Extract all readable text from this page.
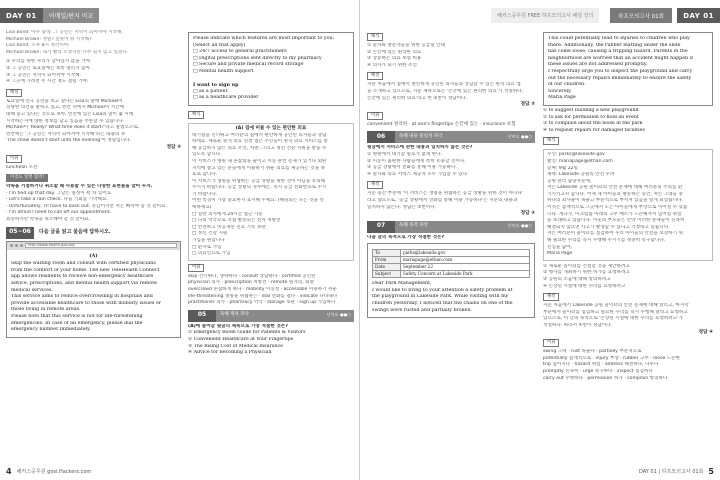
DAY 01	이메일/편지 비교
Lisa Bond: 아주 좋네. 그 공연은 저녁이 되어서야 시작해.
Michael Brown: 정말? 잘못이 뭐 시작해?
Lisa Bond: 오후 8시 정각이야.
Michael Brown: 내가 빨리 오겠지만 너무 길지 않고 있겠다.
① 우리를 위한 자리가 남아있지 않을 거야.
② 그 공연은 토요일에는 보통 열리지 않아.
③ 그 공연은 저녁이 되어서야 시작해.
④ 그곳에 가려면 두 시간 정도 걸릴 거야.
해설
토요일에 연극 공연을 보고 싶다는 Lisa의 말에 Michael이
상당한 의견을 말하고 있고, 빈칸 뒤에서 Michael이 시간에
대해 묻고 있다는 것으로 보아, 빈칸에 있는 Lisa의 말이 몇 시에
시작하는지에 대한 정보를 담고 있음을 추론할 수 있습니다.
Michael이 'Really? What time does it start?'라고 말했으므로,
빈칸에는 '그 공연은 저녁이 되어서야 시작해'라는 내용의 ③
'The show doesn't start until the evening'이 정답입니다.
정답 ③
어휘
luncheon 오찬
이것도 알면 합격!
약속을 거절하거나 취소할 때 사용할 수 있는 다양한 표현들을 알아 두자.
· I'm tied up that day. 그날은 일정이 꽉 차 있어요.
· Let's take a rain check. 다음 기회를 기약해요.
· Unfortunately, I'll have to back out. 유감이지만 저는 빠져야 할 것 같아요.
· I'm afraid I need to call off our appointment.
죄송하지만 약속을 취소해야 할 것 같아요.
05~06	다음 글을 읽고 물음에 답하시오.
http://www.health.gov.org
(A)
Skip the waiting room and consult with certified physicians
from the comfort of your home. The new TeleHealth Connect
app allows residents to receive non-emergency healthcare
advice, prescriptions, and mental health support via remote
medical services.
This service aims to reduce overcrowding in hospitals and
provide accessible healthcare to those with mobility issues or
those living in remote areas.
Please note that this service is not for life-threatening
emergencies. In case of an emergency, please dial the
emergency number immediately.
Please indicate which features are most important to you:
(Select all that apply)
□ 24/7 access to general practitioners
□ Digital prescriptions sent directly to my pharmacy
□ Secure and private medical record storage
□ Mental health support

I want to sign up
□ as a patient
□ as a healthcare provider
해석
(A) 집에 머물 수 있는 편안한 의료
대기실을 건너뛰고 여러분의 집에서 편안하게 공인된 의사들과 상담
하세요. 새로운 원격 의료 연결 앱은 주민들이 원격 의료 서비스를 통
해 응급하지 않은 의료 조언, 처방, 그리고 정신 건강 지원을 받을 수
있도록 합니다.
이 서비스가 병원 내 혼잡함을 줄이고 이동 관련 문제가 있거나 외딴
지역에 살고 있는 분들에게 이용하기 쉬운 의료를 제공하는 것을 목
표로 합니다.
이 서비스가 생명을 위협하는 응급 상황을 위한 것이 아님을 유의해
주시기 바랍니다. 응급 상황의 경우에는, 즉시 응급 전화번호로 주시
기 바랍니다.
어떤 특징이 가장 중요한지 표시해 주세요: (해당되는 모든 것을 선
택하세요)
□ 일반 의사에게 24시간 접근 가능
□ 나의 약국으로 직접 발송되는 전자 처방전
□ 안전하고 비공개된 진료 기록 보관
□ 정신 건강 지원
가입을 원합니다
□ 환자로 가입
□ 의료인으로 가입
어휘
skip 건너뛰다, 생략하다 · consult 상담하다 · certified 공인된
physician 의사 · prescription 처방전 · remote 원격의, 외딴
overcrowd 혼잡하게 하다 · mobility 이동성 · accessible 이용하기 쉬운
life-threatening 생명을 위협하는 · dial 전화를 걸다 · indicate 나타내다
practitioner 의사 · pharmacy 약국 · storage 보관 · sign up 가입하다
05	독해 제목 파악	난이도 ●●○
(A)에 들어갈 윗글의 제목으로 가장 적절한 것은?
① Emergency Room Guide for Patients & Visitors
② Convenient Healthcare at Your Fingertips
③ The Rising Cost of Medical Insurance
④ Advice for Becoming a Physician
4 해커스공무원 gosi.Hackers.com
해커스공무원 FREE 하프모의고사 해설 강의	하프모의고사 01회	DAY 01
해석
① 환자와 방문객들을 위한 응급실 안내
② 손끝에 있는 편리한 의료
③ 상승하는 의료 보험 비용
④ 의사가 되기 위한 조언
해설
지문 처음에서 집에서 편안하게 공인된 의사들과 상담할 수 있는 원격 의료 앱
을 소개하고 있으므로, 지문 제목으로는 '손끝에 있는 편리한 의료'가 적절하다.
손끝에 있는 편리한 의료'라고 한 ②번이 정답이다.
정답 ②
어휘
convenient 편리한 · at one's fingertips 손끝에 있는 · insurance 보험
06	독해 내용 불일치 파악	난이도 ●●○
윗글에서 서비스에 관한 내용과 일치하지 않는 것은?
① 병원에서 대기할 필요가 없게 한다.
② 이동이 불편한 사람들에게 특히 유용할 것이다.
③ 응급 상황에서 전화를 통해 이용 가능하다.
④ 환자와 의료 서비스 제공자 모두 가입할 수 있다.
해설
지문 중간 부분에 '이 서비스는 생명을 위협하는 응급 상황을 위한 것이 아니다'
라고 했으므로, '응급 상황에서 전화를 통해 이용 가능하다'는 지문의 내용과
일치하지 않는다. 정답은 ③번이다.
정답 ③
07	독해 목적 파악	난이도 ●●○
다음 글의 목적으로 가장 적절한 것은?
To	parks@lakeside.gov
From	mariapage@ethan.com
Date	September 22
Subject	Safety Concern at Lakeside Park
Dear Park Management,
I would like to bring to your attention a safety problem at
the playground in Lakeside Park. While visiting with my
children yesterday, I noticed that the chains on one of the
swings were rusted and partially broken.
This could potentially lead to injuries to children who play
there. Additionally, the rubber matting under the slide
has come loose, causing a tripping hazard. Parents in the
neighborhood are worried that an accident might happen if
these issues are not addressed promptly.
I respectfully urge you to inspect the playground and carry
out the necessary repairs immediately to ensure the safety
of our children.
Sincerely,
Maria Page
① to suggest building a new playground
② to ask for permission to hold an event
③ to complain about the noise in the park
④ to request repairs for damaged facilities
해석
수신: parks@lakeside.gov
발신: mariapage@ethan.com
날짜: 9월 22일
제목: Lakeside 공원의 안전 우려
공원 관리 담당자분께,
저는 Lakeside 공원 놀이터의 안전 문제에 대해 여러분의 주의를 환
기시키고자 합니다. 어제 제 아이들과 방문하는 동안, 저는 그네들 중
하나의 쇠사슬이 녹슬고 부분적으로 부서져 있음을 알게 되었습니다.
이것은 잠재적으로 그곳에서 노는 아이들에게 부상으로 이어질 수 있습
니다. 게다가, 미끄럼틀 아래의 고무 매트가 느슨해져서 넘어질 위험
을 초래하고 있습니다. 이웃의 부모들은 만약 이러한 문제들이 신속히
해결되지 않으면 사고가 발생할 수 있다고 걱정하고 있습니다.
저는 여러분이 놀이터를 점검하여 우리 아이들의 안전을 보장하기 위
해 필요한 수리를 즉시 수행해 주시기를 정중히 촉구합니다.
진심을 담아,
Maria Page
① 새로운 놀이터를 건설할 것을 제안하려고
② 행사를 개최하기 위한 허가를 요청하려고
③ 공원의 소음에 대해 항의하려고
④ 손상된 시설에 대한 수리를 요청하려고
해설
지문 처음에서 Lakeside 공원 놀이터의 안전 문제에 대해 알리고, 마지막
부분에서 놀이터를 점검하고 필요한 수리를 즉시 수행해 달라고 요청하고
있으므로, 이 글의 목적으로 '손상된 시설에 대한 수리를 요청하려고'가
적절하다. 따라서 ④번이 정답이다.
정답 ④
어휘
swing 그네 · rust 녹슬다 · partially 부분적으로
potentially 잠재적으로 · injury 부상 · rubber 고무 · loose 느슨한
trip 넘어지다 · hazard 위험 · address 해결하다, 다루다
promptly 신속히 · urge 촉구하다 · inspect 점검하다
carry out 수행하다 · permission 허가 · complain 항의하다
DAY 01 | 하프모의고사 01회 5
